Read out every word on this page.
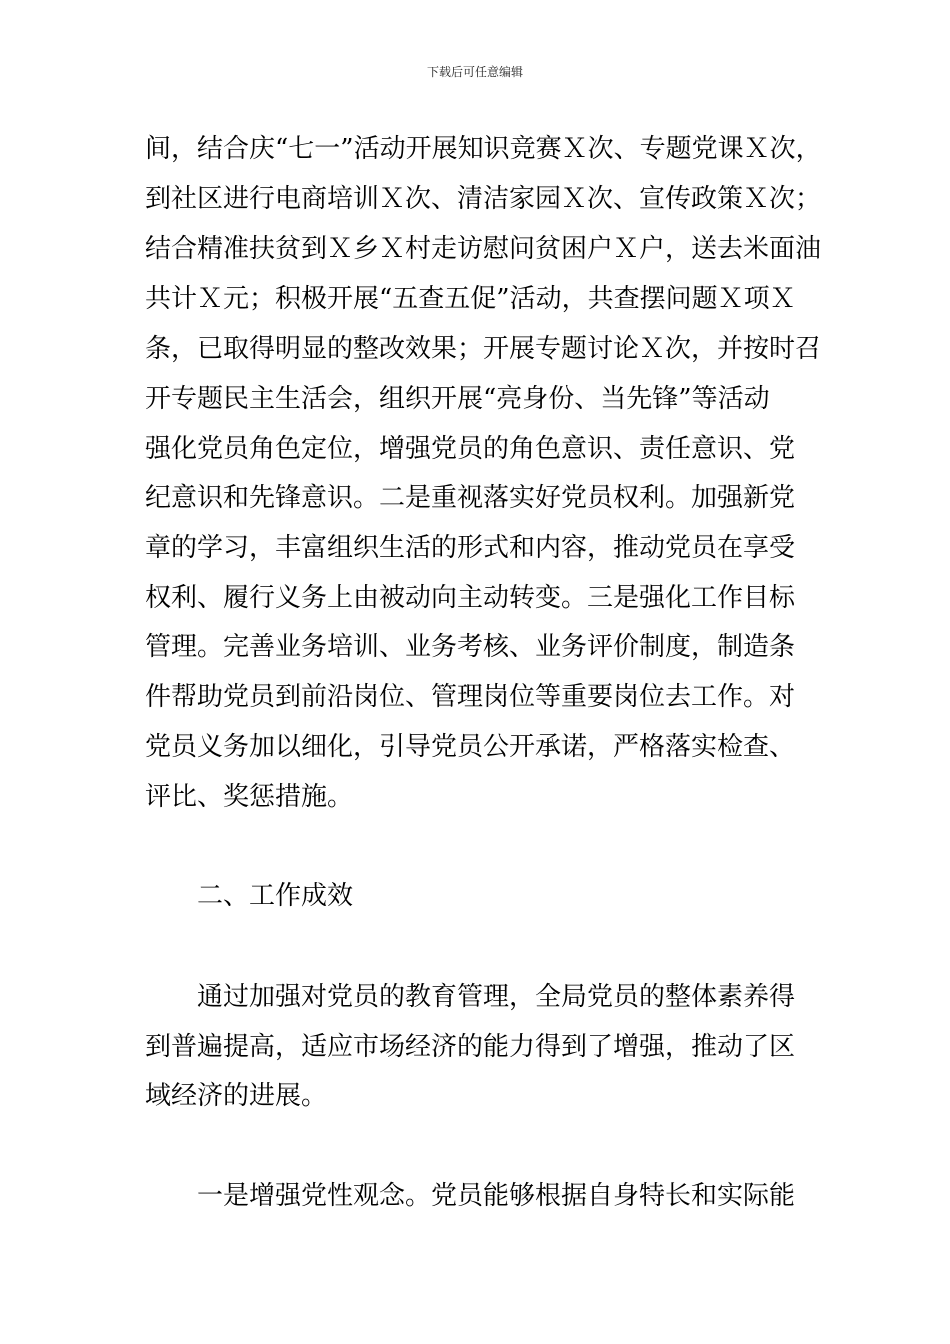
下载后可任意编辑
间，结合庆“七一”活动开展知识竞赛Ｘ次、专题党课Ｘ次，
到社区进行电商培训Ｘ次、清洁家园Ｘ次、宣传政策Ｘ次；
结合精准扶贫到Ｘ乡Ｘ村走访慰问贫困户Ｘ户，送去米面油
共计Ｘ元；积极开展“五查五促”活动，共查摆问题Ｘ项Ｘ
条，已取得明显的整改效果；开展专题讨论Ｘ次，并按时召
开专题民主生活会，组织开展“亮身份、当先锋”等活动
强化党员角色定位，增强党员的角色意识、责任意识、党
纪意识和先锋意识。二是重视落实好党员权利。加强新党
章的学习，丰富组织生活的形式和内容，推动党员在享受
权利、履行义务上由被动向主动转变。三是强化工作目标
管理。完善业务培训、业务考核、业务评价制度，制造条
件帮助党员到前沿岗位、管理岗位等重要岗位去工作。对
党员义务加以细化，引导党员公开承诺，严格落实检查、
评比、奖惩措施。
二、工作成效
通过加强对党员的教育管理，全局党员的整体素养得
到普遍提高，适应市场经济的能力得到了增强，推动了区
域经济的进展。
一是增强党性观念。党员能够根据自身特长和实际能
